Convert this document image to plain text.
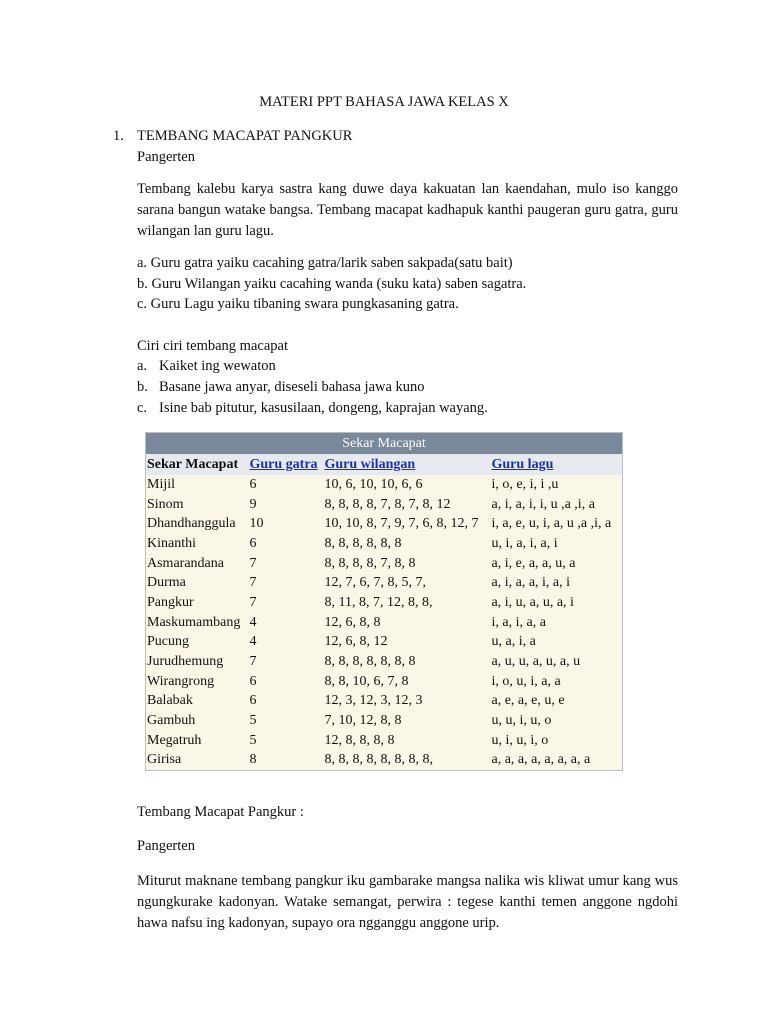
MATERI PPT BAHASA JAWA KELAS X
1. TEMBANG MACAPAT PANGKUR
Pangerten
Tembang kalebu karya sastra kang duwe daya kakuatan lan kaendahan, mulo iso kanggo sarana bangun watake bangsa. Tembang macapat kadhapuk kanthi paugeran guru gatra, guru wilangan lan guru lagu.
a. Guru gatra yaiku cacahing gatra/larik saben sakpada(satu bait)
b. Guru Wilangan yaiku cacahing wanda (suku kata) saben sagatra.
c. Guru Lagu yaiku tibaning swara pungkasaning gatra.
Ciri ciri tembang macapat
a. Kaiket ing wewaton
b. Basane jawa anyar, diseseli bahasa jawa kuno
c. Isine bab pitutur, kasusilaan, dongeng, kaprajan wayang.
Sekar Macapat			
Sekar Macapat	Guru gatra	Guru wilangan	Guru lagu
Mijil	6	10, 6, 10, 10, 6, 6	i, o, e, i, i ,u
Sinom	9	8, 8, 8, 8, 7, 8, 7, 8, 12	a, i, a, i, i, u ,a ,i, a
Dhandhanggula	10	10, 10, 8, 7, 9, 7, 6, 8, 12, 7	i, a, e, u, i, a, u ,a ,i, a
Kinanthi	6	8, 8, 8, 8, 8, 8	u, i, a, i, a, i
Asmarandana	7	8, 8, 8, 8, 7, 8, 8	a, i, e, a, a, u, a
Durma	7	12, 7, 6, 7, 8, 5, 7,	a, i, a, a, i, a, i
Pangkur	7	8, 11, 8, 7, 12, 8, 8,	a, i, u, a, u, a, i
Maskumambang	4	12, 6, 8, 8	i, a, i, a, a
Pucung	4	12, 6, 8, 12	u, a, i, a
Jurudhemung	7	8, 8, 8, 8, 8, 8, 8	a, u, u, a, u, a, u
Wirangrong	6	8, 8, 10, 6, 7, 8	i, o, u, i, a, a
Balabak	6	12, 3, 12, 3, 12, 3	a, e, a, e, u, e
Gambuh	5	7, 10, 12, 8, 8	u, u, i, u, o
Megatruh	5	12, 8, 8, 8, 8	u, i, u, i, o
Girisa	8	8, 8, 8, 8, 8, 8, 8, 8,	a, a, a, a, a, a, a, a
Tembang Macapat Pangkur :
Pangerten
Miturut maknane tembang pangkur iku gambarake mangsa nalika wis kliwat umur kang wus ngungkurake kadonyan. Watake semangat, perwira : tegese kanthi temen anggone ngdohi hawa nafsu ing kadonyan, supayo ora ngganggu anggone urip.
